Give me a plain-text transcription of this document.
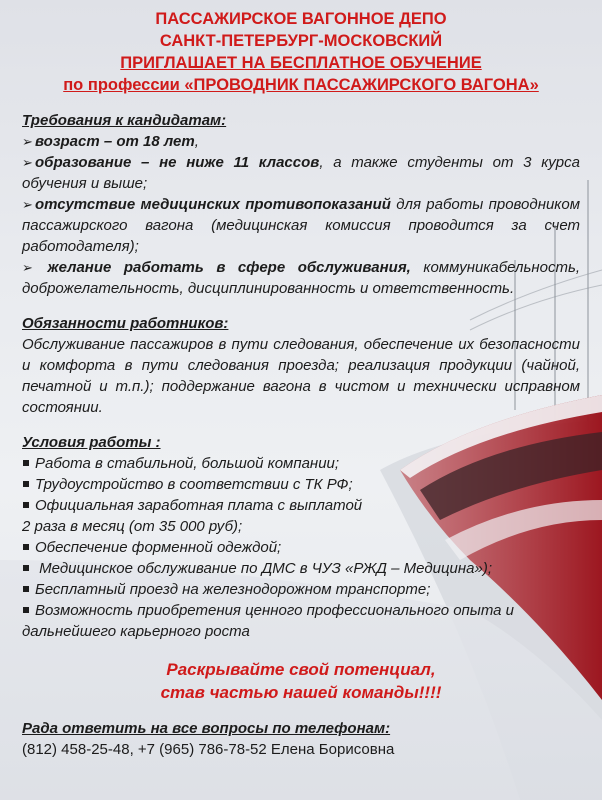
ПАССАЖИРСКОЕ ВАГОННОЕ ДЕПО
САНКТ-ПЕТЕРБУРГ-МОСКОВСКИЙ
ПРИГЛАШАЕТ НА БЕСПЛАТНОЕ ОБУЧЕНИЕ
по профессии «ПРОВОДНИК ПАССАЖИРСКОГО ВАГОНА»
Требования к кандидатам:
➢ возраст – от 18 лет,
➢ образование – не ниже 11 классов, а также студенты от 3 курса обучения и выше;
➢ отсутствие медицинских противопоказаний для работы проводником пассажирского вагона (медицинская комиссия проводится за счет работодателя);
➢ желание работать в сфере обслуживания, коммуникабельность, доброжелательность, дисциплинированность и ответственность.
Обязанности работников:
Обслуживание пассажиров в пути следования, обеспечение их безопасности и комфорта в пути следования проезда; реализация продукции (чайной, печатной и т.п.); поддержание вагона в чистом и технически исправном состоянии.
Условия работы :
Работа в стабильной, большой компании;
Трудоустройство в соответствии с ТК РФ;
Официальная заработная плата с выплатой
2 раза в месяц (от 35 000 руб);
Обеспечение форменной одеждой;
Медицинское обслуживание по ДМС в ЧУЗ «РЖД – Медицина»);
Бесплатный проезд на железнодорожном транспорте;
Возможность приобретения ценного профессионального опыта и
дальнейшего карьерного роста
Раскрывайте свой потенциал,
став частью нашей команды!!!!
Рада ответить на все вопросы по телефонам:
(812) 458-25-48, +7 (965) 786-78-52 Елена Борисовна
